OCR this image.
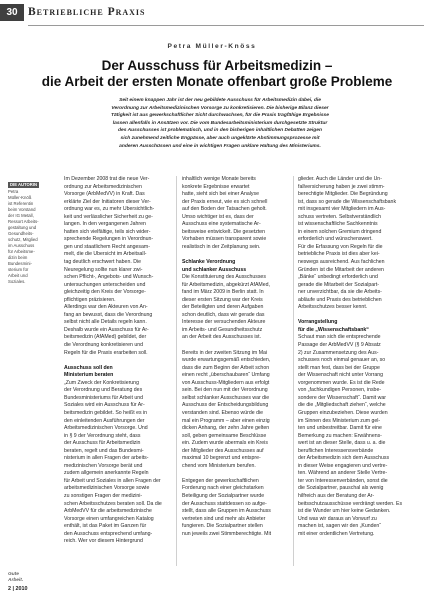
30 Betriebliche Praxis
Petra Müller-Knöss
Der Ausschuss für Arbeitsmedizin –
die Arbeit der ersten Monate offenbart große Probleme
Seit einem knappen Jahr ist der neu gebildete Ausschuss für Arbeitsmedizin dabei, die
Verordnung zur Arbeitsmedizinischen Vorsorge zu konkretisieren. Die bisherige Bilanz dieser
Tätigkeit ist aus gewerkschaftlicher Sicht durchwachsen, für die Praxis tragfähige Ergebnisse
lassen allenfalls in Ansätzen vor. Die vom Bundesarbeitsministerium durchgesetzte Struktur
des Ausschusses ist problematisch, und in den bisherigen inhaltlichen Debatten zeigen
sich zunehmend zeitliche Engpässe, aber auch ungeklärte Abstimmungsprozesse mit
anderen Ausschüssen und eine in wichtigen Fragen unklare Haltung des Ministeriums.
DIE AUTORIN
Petra
Müller-Knöß
ist Referentin
beim Vorstand
der IG Metall,
Ressort Arbeits-
gestaltung und
Gesundheits-
schutz, Mitglied
im Ausschuss
für Arbeitsme-
dizin beim
Bundesmini-
sterium für
Arbeit und
Soziales.
Im Dezember 2008 trat die neue Ver-
ordnung zur Arbeitsmedizinischen
Vorsorge (ArbMedVV) in Kraft. Das
erklärte Ziel der Initiatoren dieser Ver-
ordnung war es, zu mehr Übersichtlich-
keit und verlässlicher Sicherheit zu ge-
langen. In den vergangenen Jahren
hatten sich vielfältige, teils sich wider-
sprechende Regelungen in Verordnun-
gen und staatlichem Recht angesam-
melt, die die Übersicht im Arbeitsall-
tag deutlich erschwert haben. Die
Neuregelung sollte nun klarer zwi-
schen Pflicht-, Angebots- und Wunsch-
untersuchungen unterscheiden und
gleichzeitig den Kreis der Vorsorge-
pflichtigen präzisieren.
Allerdings war den Akteuren von An-
fang an bewusst, dass die Verordnung
selbst nicht alle Details regeln kann.
Deshalb wurde ein Ausschuss für Ar-
beitsmedizin (AfAMed) gebildet, der
die Verordnung konkretisieren und
Regeln für die Praxis erarbeiten soll.
Ausschuss soll den
Ministerium beraten
„Zum Zweck der Konkretisierung
der Verordnung und Beratung des
Bundesministeriums für Arbeit und
Soziales wird ein Ausschuss für Ar-
beitsmedizin gebildet. So heißt es in
den einleitenden Ausführungen der
Arbeitsmedizinischen Vorsorge. Und
in § 9 der Verordnung steht, dass
der Ausschuss für Arbeitsmedizin
beraten, regelt und das Bundesmi-
nisterium in allen Fragen der arbeits-
medizinischen Vorsorge berät und
zudem allgemein anerkannte Regeln
für Arbeit und Soziales in allen Fragen der
arbeitsmedizinischen Vorsorge sowie
zu sonstigen Fragen der medizini-
schen Arbeitsschutzes beraten soll. Da die
ArbMedVV für die arbeitsmedizinische
Vorsorge einen umfangreichen Katalog
enthält, ist das Paket im Ganzen für
den Ausschuss entsprechend umfang-
reich. Wer vor diesem Hintergrund
inhaltlich wenige Monate bereits
konkrete Ergebnisse erwartet
hatte, sieht sich bei einer Analyse
der Praxis erneut, wie es sich schnell
auf den Boden der Tatsachen geholt.
Umso wichtiger ist es, dass der
Ausschuss eine systematische Ar-
beitsweise entwickelt. Die gesetzten
Vorhaben müssen transparent sowie
realistisch in der Zeitplanung sein.
Schlanke Verordnung
und schlanker Ausschuss
Die Konstituierung des Ausschusses
für Arbeitsmedizin, abgekürzt AfAMed,
fand im März 2009 in Berlin statt. In
dieser ersten Sitzung war der Kreis
der Beteiligten und deren Aufgaben
schon deutlich, dass wir gerade das
Interesse der versuchenden Akteure
im Arbeits- und Gesundheitsschutz
an der Arbeit des Ausschusses ist.
Bereits in der zweiten Sitzung im Mai
wurde erwartungsgemäß entschieden,
dass die zum Beginn der Arbeit schon
einen recht „überschaubaren“ Umfang
von Ausschuss-Mitgliedern aus erfolgt
sein. Bei den nun mit der Verordnung
selbst schlanker Ausschusses war die
Ausschuss der Entscheidungsbildung
verstanden sind. Ebenso würde die
mal ein Programm – aber einen einzig
dicken Anhang, der zehn Jahre gelten
soll, geben gemeinsame Beschlüsse
ein. Zudem wurde abermals ein Kreis
der Mitglieder des Ausschusses auf
maximal 10 begrenzt und entspre-
chend vom Ministerium berufen.
Entgegen der gewerkschaftlichen
Forderung nach einer gleichstarken
Beteiligung der Sozialpartner wurde
der Ausschuss stattdessen so aufge-
stellt, dass alle Gruppen im Ausschuss
vertreten sind und mehr als Anbieter
fungieren. Die Sozialpartner stellen
nun jeweils zwei Stimmberechtigte. Mit
glieder. Auch die Länder und die Un-
fallversicherung haben je zwei stimm-
berechtigte Mitglieder. Die Begründung
ist, dass so gerade die Wissenschaftsbank
mit insgesamt vier Mitgliedern im Aus-
schuss vertreten. Selbstverständlich
ist wissenschaftliche Sachkenntnis
in einem solchen Gremium dringend
erforderlich und wünschenswert.
Für die Erfassung von Regeln für die
betriebliche Praxis ist dies aber kei-
neswegs ausreichend. Aus fachlichen
Gründen ist die Mitarbeit der anderen
„Bänke“ unbedingt erforderlich und
gerade die Mitarbeit der Sozialpart-
ner unverzichtbar, da sie die Arbeits-
abläufe und Praxis des betrieblichen
Arbeitsschutzes besser kennt.
Vorrangstellung
für die „Wissenschaftsbank“
Schaut man sich die entsprechende
Passage der ArbMedVV (§ 9 Absatz
2) zur Zusammensetzung des Aus-
schusses noch einmal genauer an, so
stellt man fest, dass bei der Gruppe
der Wissenschaft nicht unter Vorrang
vorgenommen wurde. Es ist die Rede
von „fachkundigen Personen, insbe-
sondere der Wissenschaft“. Damit war
die die „Mitgliedschaft ziehen“, welche
Gruppen einzubeziehen. Diese wurden
im Sinnen des Ministerium zum gel-
ten und unbestreitbar. Damit für eine
Bemerkung zu machen: Erwähnens-
wert ist an dieser Stelle, dass u. a. die
beruflichen Interessensverbände
der Arbeitsmedizin sich dem Ausschuss
in dieser Weise engagieren und vertre-
ten. Während an anderer Stelle Vertre-
ter von Interessenverbänden, sonst die
die Sozialpartner, pauschal als wenig
hilfreich aus der Beratung der Ar-
beitsschutzausschüsse verdrängt werden. Es
ist die Wunder um hier keine Gedanken.
Und was wir daraus an Vorwurf zu
machen ist, sagen wir den „Kunden“
mit einer ordentlichen Vertretung.
Gute
Arbeit.
2 | 2010
